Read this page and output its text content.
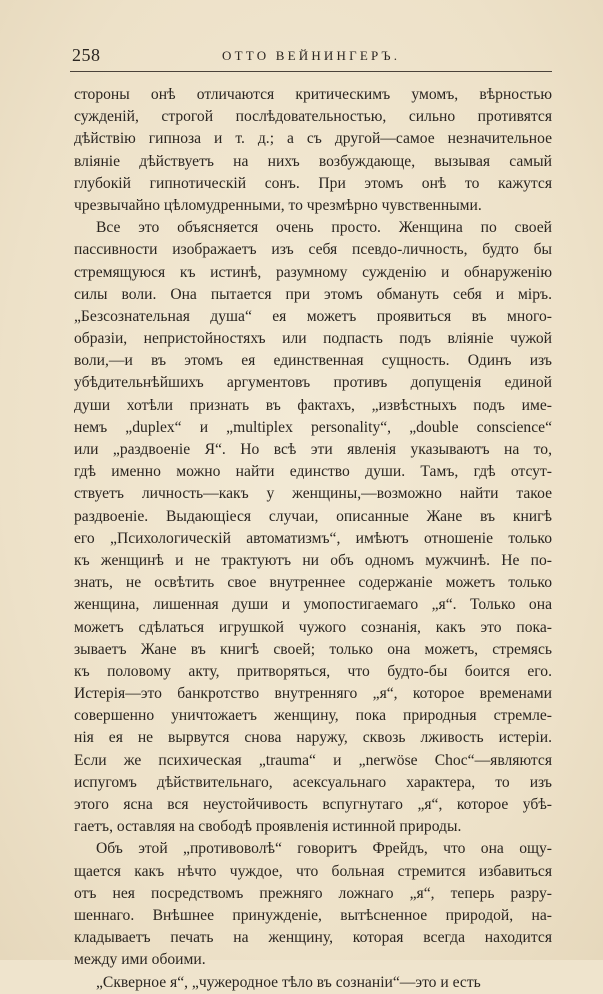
258	ОТТО ВЕЙНИНГЕРЪ.
стороны онѣ отличаются критическимъ умомъ, вѣрностью
сужденій, строгой послѣдовательностью, сильно противятся
дѣйствію гипноза и т. д.; а съ другой—самое незначительное
вліяніе дѣйствуетъ на нихъ возбуждающе, вызывая самый
глубокій гипнотическій сонъ. При этомъ онѣ то кажутся
чрезвычайно цѣломудренными, то чрезмѣрно чувственными.
Все это объясняется очень просто. Женщина по своей
пассивности изображаетъ изъ себя псевдо-личность, будто бы
стремящуюся къ истинѣ, разумному сужденію и обнаруженію
силы воли. Она пытается при этомъ обмануть себя и міръ.
„Безсознательная душа“ ея можетъ проявиться въ много-
образіи, непристойностяхъ или подпасть подъ вліяніе чужой
воли,—и въ этомъ ея единственная сущность. Одинъ изъ
убѣдительнѣйшихъ аргументовъ противъ допущенія единой
души хотѣли признать въ фактахъ, „извѣстныхъ подъ име-
немъ „duplex“ и „multiplex personality“, „double conscience“
или „раздвоеніе Я“. Но всѣ эти явленія указываютъ на то,
гдѣ именно можно найти единство души. Тамъ, гдѣ отсут-
ствуетъ личность—какъ у женщины,—возможно найти такое
раздвоеніе. Выдающіеся случаи, описанные Жане въ книгѣ
его „Психологическій автоматизмъ“, имѣютъ отношеніе только
къ женщинѣ и не трактуютъ ни объ одномъ мужчинѣ. Не по-
знать, не освѣтить свое внутреннее содержаніе можетъ только
женщина, лишенная души и умопостигаемаго „я“. Только она
можетъ сдѣлаться игрушкой чужого сознанія, какъ это пока-
зываетъ Жане въ книгѣ своей; только она можетъ, стремясь
къ половому акту, притворяться, что будто-бы боится его.
Истерія—это банкротство внутренняго „я“, которое временами
совершенно уничтожаетъ женщину, пока природныя стремле-
нія ея не вырвутся снова наружу, сквозь лживость истеріи.
Если же психическая „trauma“ и „nerwöse Choc“—являются
испугомъ дѣйствительнаго, асексуальнаго характера, то изъ
этого ясна вся неустойчивость вспугнутаго „я“, которое убѣ-
гаетъ, оставляя на свободѣ проявленія истинной природы.
Объ этой „противоволѣ“ говоритъ Фрейдъ, что она ощу-
щается какъ нѣчто чуждое, что больная стремится избавиться
отъ нея посредствомъ прежняго ложнаго „я“, теперь разру-
шеннаго. Внѣшнее принужденіе, вытѣсненное природой, на-
кладываетъ печать на женщину, которая всегда находится
между ими обоими.
„Скверное я“, „чужеродное тѣло въ сознаніи“—это и есть
